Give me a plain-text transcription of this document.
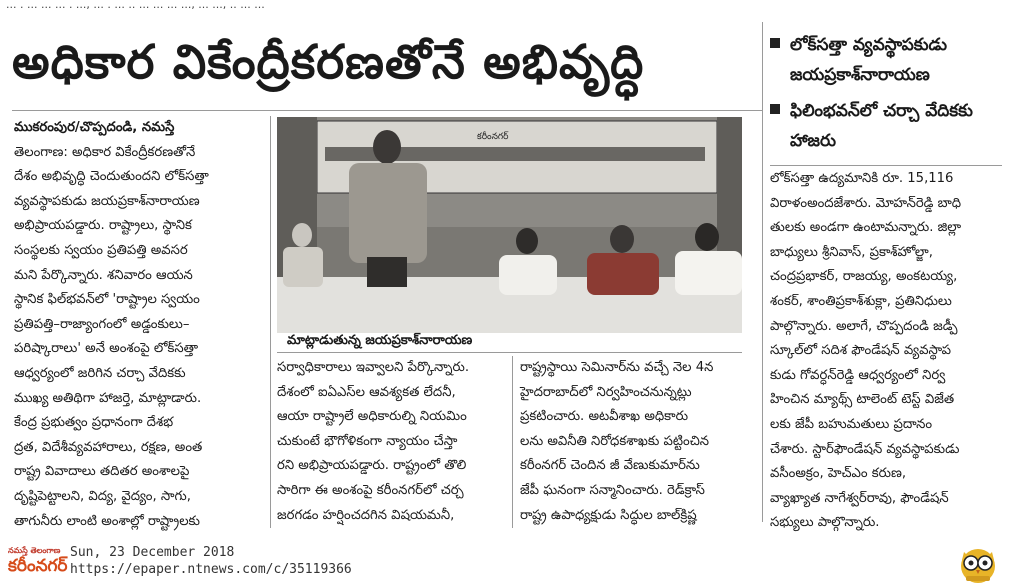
... . ... ... ... . ..., ... . ... .. ... ... ... ..., ... ..., .. ... ...
అధికార వికేంద్రీకరణతోనే అభివృద్ధి	లోక్‌సత్తా వ్యవస్థాపకుడు జయప్రకాశ్‌నారాయణ
ఫిలింభవన్‌లో చర్చా వేదికకు హాజరు

ముకరంపుర/చొప్పదండి, నమస్తే

తెలంగాణ: అధికార వికేంద్రీకరణతోనే

దేశం అభివృద్ధి చెందుతుందని లోక్‌సత్తా

వ్యవస్థాపకుడు జయప్రకాశ్‌నారాయణ

అభిప్రాయపడ్డారు. రాష్ట్రాలు, స్థానిక

సంస్థలకు స్వయం ప్రతిపత్తి అవసర

మని పేర్కొన్నారు. శనివారం ఆయన

స్థానిక ఫిల్‌భవన్‌లో 'రాష్ట్రాల స్వయం

ప్రతిపత్తి–రాజ్యాంగంలో అడ్డంకులు–

పరిష్కారాలు' అనే అంశంపై లోక్‌సత్తా

ఆధ్వర్యంలో జరిగిన చర్చా వేదికకు

ముఖ్య అతిథిగా హాజర్తె, మాట్లాడారు.

కేంద్ర ప్రభుత్వం ప్రధానంగా దేశభ

ద్రత, విదేశీవ్యవహారాలు, రక్షణ, అంత

రాష్ట్ర వివాదాలు తదితర అంశాలపై

దృష్టిపెట్టాలని, విద్య, వైద్యం, సాగు,

తాగునీరు లాంటి అంశాల్లో రాష్ట్రాలకు

కరీంనగర్
మాట్లాడుతున్న జయప్రకాశ్‌నారాయణ

సర్వాధికారాలు ఇవ్వాలని పేర్కొన్నారు.

దేశంలో ఐఏఎస్‌ల ఆవశ్యకత లేదనీ,

ఆయా రాష్ట్రాలే అధికారుల్ని నియమిం

చుకుంటే భౌగోళికంగా న్యాయం చేస్తా

రని అభిప్రాయపడ్డారు. రాష్ట్రంలో తొలి

సారిగా ఈ అంశంపై కరీంనగర్‌లో చర్చ

జరగడం హర్షించదగిన విషయమనీ,

రాష్ట్రస్థాయి సెమినార్‌ను వచ్చే నెల 4న

హైదరాబాద్‌లో నిర్వహించనున్నట్లు

ప్రకటించారు. అటవీశాఖ అధికారు

లను అవినీతి నిరోధకశాఖకు పట్టించిన

కరీంనగర్ చెందిన జీ వేణుకుమార్‌ను

జేపీ ఘనంగా సన్మానించారు. రెడ్‌క్రాస్

రాష్ట్ర ఉపాధ్యక్షుడు సిద్ధుల బాల్‌క్రిష్ణ

లోక్‌సత్తా ఉద్యమానికి రూ. 15,116

విరాళంఅందజేశారు. మోహన్‌రెడ్డి బాధి

తులకు అండగా ఉంటామన్నారు. జిల్లా

బాధ్యులు శ్రీనివాస్, ప్రకాశ్‌హోల్జా,

చంద్రప్రభాకర్, రాజయ్య, అంకటయ్య,

శంకర్, శాంతిప్రకాశ్‌శుక్లా, ప్రతినిధులు

పాల్గొన్నారు. అలాగే, చొప్పదండి జడ్పీ

స్కూల్‌లో సదిశ ఫౌండేషన్ వ్యవస్థాప

కుడు గోవర్ధన్‌రెడ్డి ఆధ్వర్యంలో నిర్వ

హించిన మ్యాథ్స్ టాలెంట్ టెస్ట్ విజేత

లకు జేపీ బహుమతులు ప్రదానం

చేశారు. స్టార్‌ఫౌండేషన్ వ్యవస్థాపకుడు

వసీంఅక్రం, హెచ్‌ఎం కరుణ,

వ్యాఖ్యాత నాగేశ్వర్‌రావు, ఫౌండేషన్

సభ్యులు పాల్గొన్నారు.

నమస్తే తెలంగాణ
కరీంనగర్
Sun, 23 December 2018
https://epaper.ntnews.com/c/35119366
